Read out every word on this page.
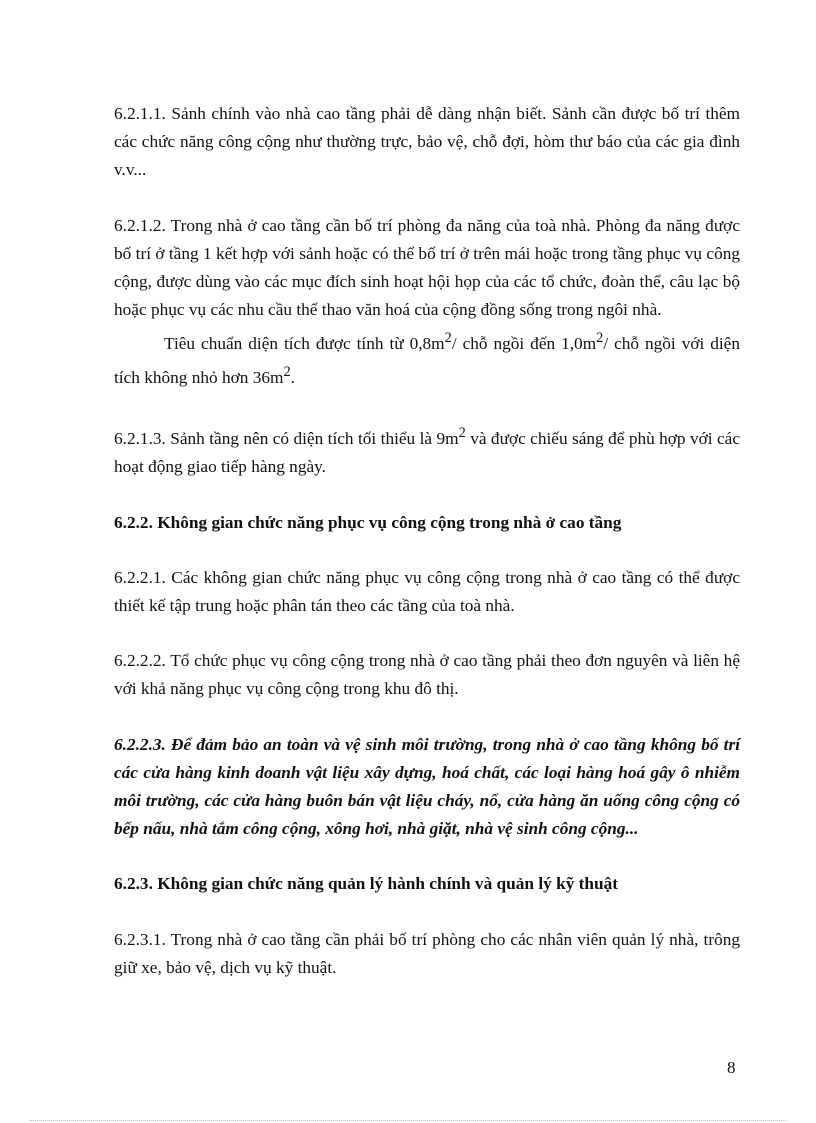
6.2.1.1. Sảnh chính vào nhà cao tầng phải dễ dàng nhận biết. Sảnh cần được bố trí thêm các chức năng công cộng như thường trực, bảo vệ, chỗ đợi, hòm thư báo của các gia đình v.v...

6.2.1.2. Trong nhà ở cao tầng cần bố trí phòng đa năng của toà nhà. Phòng đa năng được bố trí ở tầng 1 kết hợp với sảnh hoặc có thể bố trí ở trên mái hoặc trong tầng phục vụ công cộng, được dùng vào các mục đích sinh hoạt hội họp của các tổ chức, đoàn thể, câu lạc bộ hoặc phục vụ các nhu cầu thể thao văn hoá của cộng đồng sống trong ngôi nhà.

Tiêu chuẩn diện tích được tính từ $0,8m^2/$ chỗ ngồi đến $1,0m^2/$ chỗ ngồi với diện tích không nhỏ hơn $36m^2$.

6.2.1.3. Sảnh tầng nên có diện tích tối thiểu là $9m^2$ và được chiếu sáng để phù hợp với các hoạt động giao tiếp hàng ngày.

6.2.2. Không gian chức năng phục vụ công cộng trong nhà ở cao tầng

6.2.2.1. Các không gian chức năng phục vụ công cộng trong nhà ở cao tầng có thể được thiết kế tập trung hoặc phân tán theo các tầng của toà nhà.

6.2.2.2. Tổ chức phục vụ công cộng trong nhà ở cao tầng phải theo đơn nguyên và liên hệ với khả năng phục vụ công cộng trong khu đô thị.

6.2.2.3. Để đảm bảo an toàn và vệ sinh môi trường, trong nhà ở cao tầng không bố trí các cửa hàng kinh doanh vật liệu xây dựng, hoá chất, các loại hàng hoá gây ô nhiễm môi trường, các cửa hàng buôn bán vật liệu cháy, nổ, cửa hàng ăn uống công cộng có bếp nấu, nhà tắm công cộng, xông hơi, nhà giặt, nhà vệ sinh công cộng...

6.2.3. Không gian chức năng quản lý hành chính và quản lý kỹ thuật

6.2.3.1. Trong nhà ở cao tầng cần phải bố trí phòng cho các nhân viên quản lý nhà, trông giữ xe, bảo vệ, dịch vụ kỹ thuật.

8
